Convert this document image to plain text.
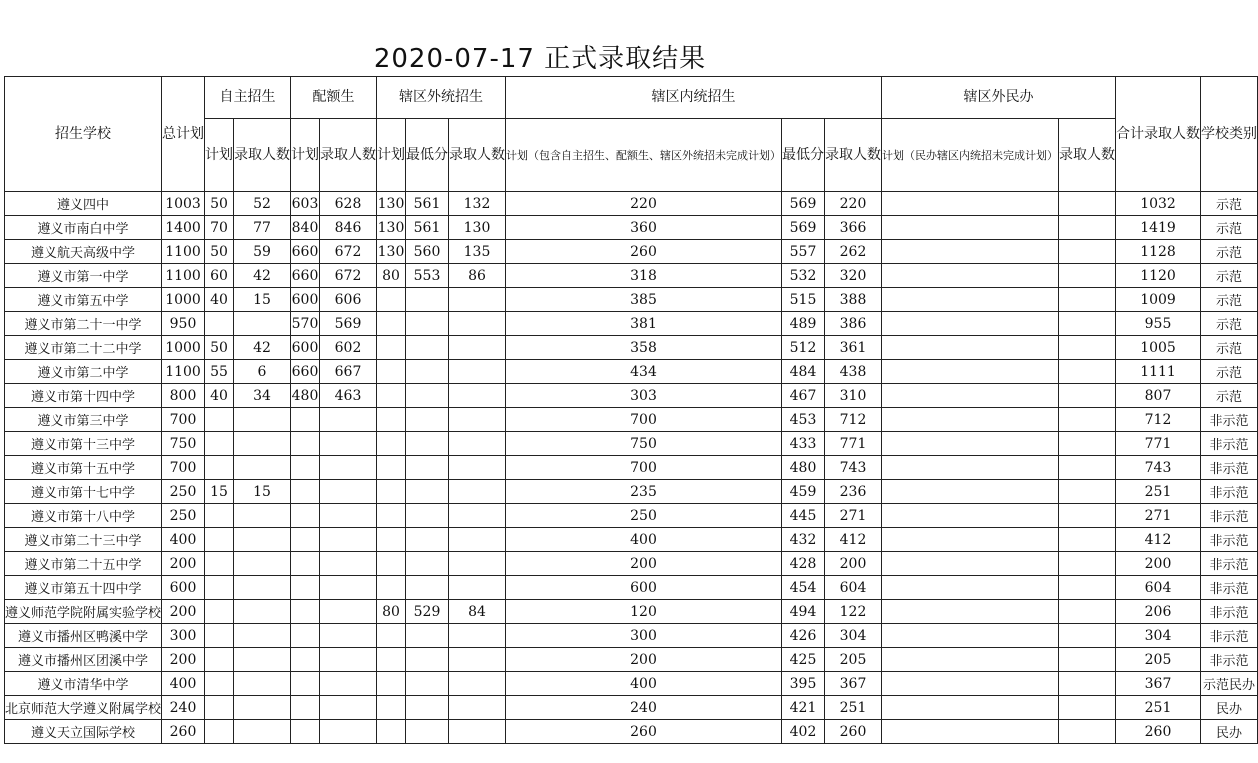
2020-07-17 正式录取结果
招生学校	总计划	自主招生		配额生		辖区外统招生			辖区内统招生			辖区外民办		合计录取人数	学校类别
		计划	录取人数	计划	录取人数	计划	最低分	录取人数	计划（包含自主招生、配额生、辖区外统招未完成计划）	最低分	录取人数	计划（民办辖区内统招未完成计划）	录取人数		
遵义四中	1003	50	52	603	628	130	561	132	220	569	220			1032	示范
遵义市南白中学	1400	70	77	840	846	130	561	130	360	569	366			1419	示范
遵义航天高级中学	1100	50	59	660	672	130	560	135	260	557	262			1128	示范
遵义市第一中学	1100	60	42	660	672	80	553	86	318	532	320			1120	示范
遵义市第五中学	1000	40	15	600	606				385	515	388			1009	示范
遵义市第二十一中学	950			570	569				381	489	386			955	示范
遵义市第二十二中学	1000	50	42	600	602				358	512	361			1005	示范
遵义市第二中学	1100	55	6	660	667				434	484	438			1111	示范
遵义市第十四中学	800	40	34	480	463				303	467	310			807	示范
遵义市第三中学	700								700	453	712			712	非示范
遵义市第十三中学	750								750	433	771			771	非示范
遵义市第十五中学	700								700	480	743			743	非示范
遵义市第十七中学	250	15	15						235	459	236			251	非示范
遵义市第十八中学	250								250	445	271			271	非示范
遵义市第二十三中学	400								400	432	412			412	非示范
遵义市第二十五中学	200								200	428	200			200	非示范
遵义市第五十四中学	600								600	454	604			604	非示范
遵义师范学院附属实验学校	200					80	529	84	120	494	122			206	非示范
遵义市播州区鸭溪中学	300								300	426	304			304	非示范
遵义市播州区团溪中学	200								200	425	205			205	非示范
遵义市清华中学	400								400	395	367			367	示范民办
北京师范大学遵义附属学校	240								240	421	251			251	民办
遵义天立国际学校	260								260	402	260			260	民办
